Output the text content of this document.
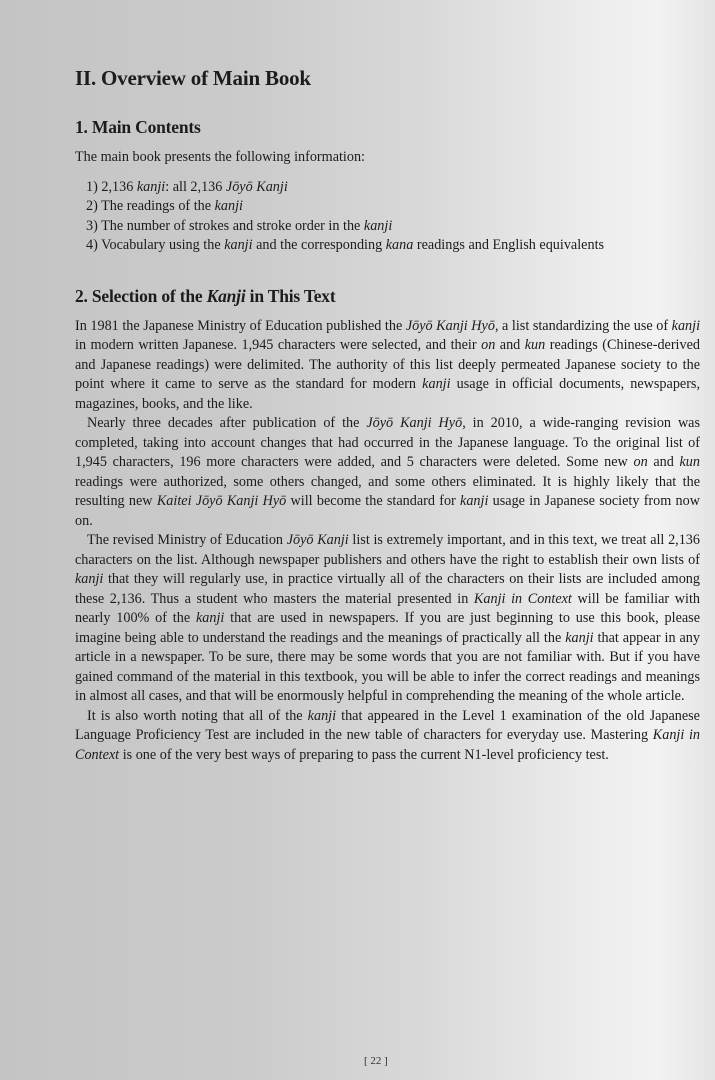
II. Overview of Main Book
1. Main Contents

The main book presents the following information:

1) 2,136 kanji: all 2,136 Jōyō Kanji
2) The readings of the kanji
3) The number of strokes and stroke order in the kanji
4) Vocabulary using the kanji and the corresponding kana readings and English equivalents
2. Selection of the Kanji in This Text

In 1981 the Japanese Ministry of Education published the Jōyō Kanji Hyō, a list standardizing the use of kanji in modern written Japanese. 1,945 characters were selected, and their on and kun readings (Chinese-derived and Japanese readings) were delimited. The authority of this list deeply permeated Japanese society to the point where it came to serve as the standard for modern kanji usage in official documents, newspapers, magazines, books, and the like.

Nearly three decades after publication of the Jōyō Kanji Hyō, in 2010, a wide-ranging revision was completed, taking into account changes that had occurred in the Japanese language. To the original list of 1,945 characters, 196 more characters were added, and 5 characters were deleted. Some new on and kun readings were authorized, some others changed, and some others eliminated. It is highly likely that the resulting new Kaitei Jōyō Kanji Hyō will become the standard for kanji usage in Japanese society from now on.

The revised Ministry of Education Jōyō Kanji list is extremely important, and in this text, we treat all 2,136 characters on the list. Although newspaper publishers and others have the right to establish their own lists of kanji that they will regularly use, in practice virtually all of the characters on their lists are included among these 2,136. Thus a student who masters the material presented in Kanji in Context will be familiar with nearly 100% of the kanji that are used in newspapers. If you are just beginning to use this book, please imagine being able to understand the readings and the meanings of practically all the kanji that appear in any article in a newspaper. To be sure, there may be some words that you are not familiar with. But if you have gained command of the material in this textbook, you will be able to infer the correct readings and meanings in almost all cases, and that will be enormously helpful in comprehending the meaning of the whole article.

It is also worth noting that all of the kanji that appeared in the Level 1 examination of the old Japanese Language Proficiency Test are included in the new table of characters for everyday use. Mastering Kanji in Context is one of the very best ways of preparing to pass the current N1-level proficiency test.

[ 22 ]
